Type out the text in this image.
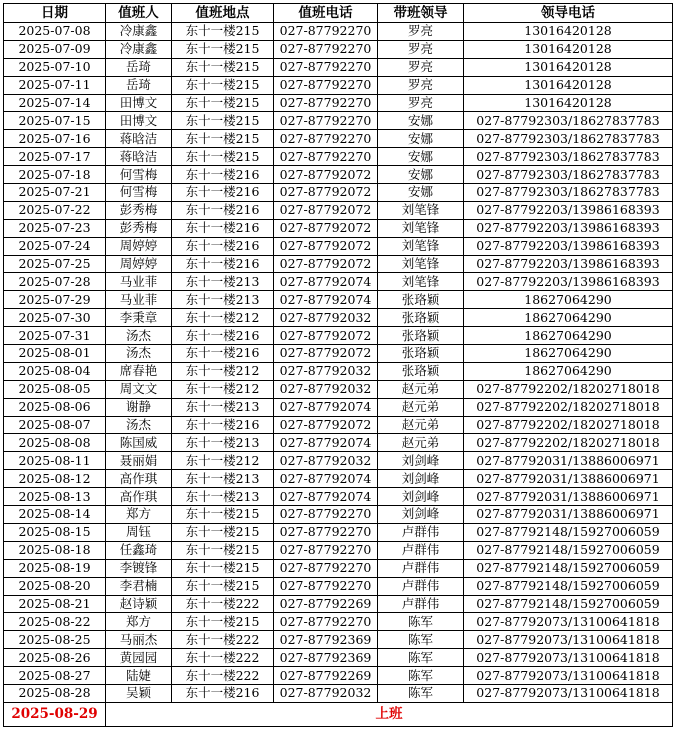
日期	值班人	值班地点	值班电话	带班领导	领导电话
2025-07-08	冷康鑫	东十一楼215	027-87792270	罗亮	13016420128
2025-07-09	冷康鑫	东十一楼215	027-87792270	罗亮	13016420128
2025-07-10	岳琦	东十一楼215	027-87792270	罗亮	13016420128
2025-07-11	岳琦	东十一楼215	027-87792270	罗亮	13016420128
2025-07-14	田博文	东十一楼215	027-87792270	罗亮	13016420128
2025-07-15	田博文	东十一楼215	027-87792270	安娜	027-87792303/18627837783
2025-07-16	蒋晗洁	东十一楼215	027-87792270	安娜	027-87792303/18627837783
2025-07-17	蒋晗洁	东十一楼215	027-87792270	安娜	027-87792303/18627837783
2025-07-18	何雪梅	东十一楼216	027-87792072	安娜	027-87792303/18627837783
2025-07-21	何雪梅	东十一楼216	027-87792072	安娜	027-87792303/18627837783
2025-07-22	彭秀梅	东十一楼216	027-87792072	刘笔锋	027-87792203/13986168393
2025-07-23	彭秀梅	东十一楼216	027-87792072	刘笔锋	027-87792203/13986168393
2025-07-24	周婷婷	东十一楼216	027-87792072	刘笔锋	027-87792203/13986168393
2025-07-25	周婷婷	东十一楼216	027-87792072	刘笔锋	027-87792203/13986168393
2025-07-28	马业菲	东十一楼213	027-87792074	刘笔锋	027-87792203/13986168393
2025-07-29	马业菲	东十一楼213	027-87792074	张珞颖	18627064290
2025-07-30	李秉章	东十一楼212	027-87792032	张珞颖	18627064290
2025-07-31	汤杰	东十一楼216	027-87792072	张珞颖	18627064290
2025-08-01	汤杰	东十一楼216	027-87792072	张珞颖	18627064290
2025-08-04	席春艳	东十一楼212	027-87792032	张珞颖	18627064290
2025-08-05	周文文	东十一楼212	027-87792032	赵元弟	027-87792202/18202718018
2025-08-06	谢静	东十一楼213	027-87792074	赵元弟	027-87792202/18202718018
2025-08-07	汤杰	东十一楼216	027-87792072	赵元弟	027-87792202/18202718018
2025-08-08	陈国威	东十一楼213	027-87792074	赵元弟	027-87792202/18202718018
2025-08-11	聂丽娟	东十一楼212	027-87792032	刘剑峰	027-87792031/13886006971
2025-08-12	高作琪	东十一楼213	027-87792074	刘剑峰	027-87792031/13886006971
2025-08-13	高作琪	东十一楼213	027-87792074	刘剑峰	027-87792031/13886006971
2025-08-14	郑方	东十一楼215	027-87792270	刘剑峰	027-87792031/13886006971
2025-08-15	周钰	东十一楼215	027-87792270	卢群伟	027-87792148/15927006059
2025-08-18	任鑫琦	东十一楼215	027-87792270	卢群伟	027-87792148/15927006059
2025-08-19	李镀锋	东十一楼215	027-87792270	卢群伟	027-87792148/15927006059
2025-08-20	李君楠	东十一楼215	027-87792270	卢群伟	027-87792148/15927006059
2025-08-21	赵诗颖	东十一楼222	027-87792269	卢群伟	027-87792148/15927006059
2025-08-22	郑方	东十一楼215	027-87792270	陈军	027-87792073/13100641818
2025-08-25	马丽杰	东十一楼222	027-87792369	陈军	027-87792073/13100641818
2025-08-26	黄园园	东十一楼222	027-87792369	陈军	027-87792073/13100641818
2025-08-27	陆婕	东十一楼222	027-87792269	陈军	027-87792073/13100641818
2025-08-28	吴颖	东十一楼216	027-87792032	陈军	027-87792073/13100641818
2025-08-29	上班				
